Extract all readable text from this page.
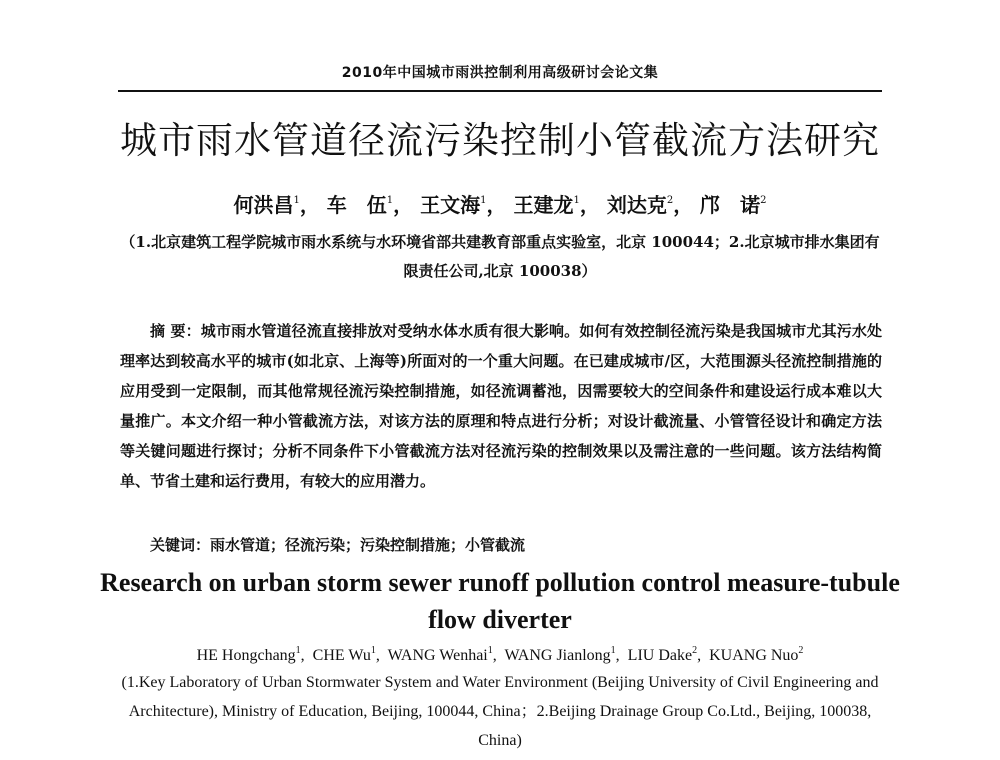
2010年中国城市雨洪控制利用高级研讨会论文集
城市雨水管道径流污染控制小管截流方法研究
何洪昌$^1$， 车　伍$^1$， 王文海$^1$， 王建龙$^1$， 刘达克$^2$， 邝　诺$^2$
（1.北京建筑工程学院城市雨水系统与水环境省部共建教育部重点实验室，北京 100044；2.北京城市排水集团有限责任公司,北京 100038）
摘 要：城市雨水管道径流直接排放对受纳水体水质有很大影响。如何有效控制径流污染是我国城市尤其污水处理率达到较高水平的城市(如北京、上海等)所面对的一个重大问题。在已建成城市/区，大范围源头径流控制措施的应用受到一定限制，而其他常规径流污染控制措施，如径流调蓄池，因需要较大的空间条件和建设运行成本难以大量推广。本文介绍一种小管截流方法，对该方法的原理和特点进行分析；对设计截流量、小管管径设计和确定方法等关键问题进行探讨；分析不同条件下小管截流方法对径流污染的控制效果以及需注意的一些问题。该方法结构简单、节省土建和运行费用，有较大的应用潜力。
关键词：雨水管道；径流污染；污染控制措施；小管截流
Research on urban storm sewer runoff pollution control measure-tubule flow diverter
HE Hongchang$^1$,  CHE Wu$^1$,  WANG Wenhai$^1$,  WANG Jianlong$^1$,  LIU Dake$^2$,  KUANG Nuo$^2$
(1.Key Laboratory of Urban Stormwater System and Water Environment (Beijing University of Civil Engineering and Architecture), Ministry of Education, Beijing, 100044, China；2.Beijing Drainage Group Co.Ltd., Beijing, 100038, China)
